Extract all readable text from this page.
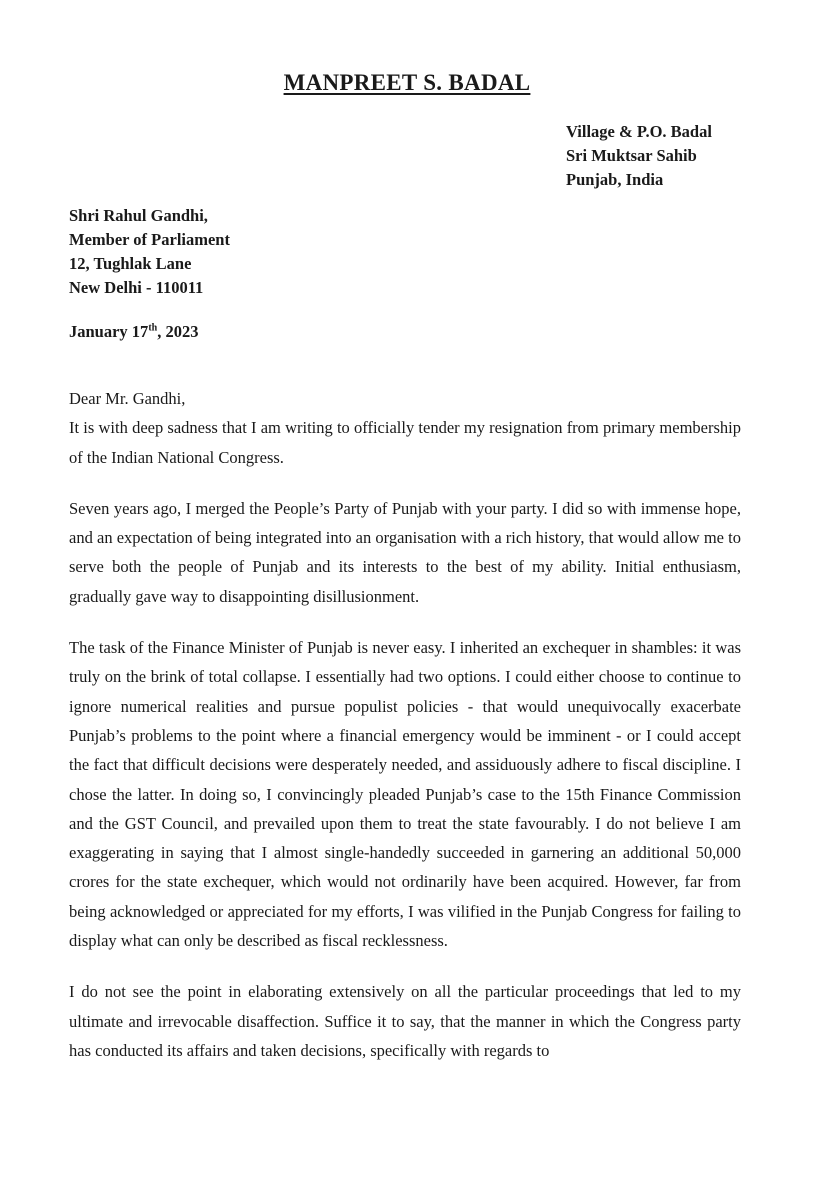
MANPREET S. BADAL
Village & P.O. Badal
Sri Muktsar Sahib
Punjab, India
Shri Rahul Gandhi,
Member of Parliament
12, Tughlak Lane
New Delhi - 110011
January 17th, 2023

Dear Mr. Gandhi,

It is with deep sadness that I am writing to officially tender my resignation from primary membership of the Indian National Congress.

Seven years ago, I merged the People’s Party of Punjab with your party. I did so with immense hope, and an expectation of being integrated into an organisation with a rich history, that would allow me to serve both the people of Punjab and its interests to the best of my ability. Initial enthusiasm, gradually gave way to disappointing disillusionment.

The task of the Finance Minister of Punjab is never easy. I inherited an exchequer in shambles: it was truly on the brink of total collapse. I essentially had two options. I could either choose to continue to ignore numerical realities and pursue populist policies - that would unequivocally exacerbate Punjab’s problems to the point where a financial emergency would be imminent - or I could accept the fact that difficult decisions were desperately needed, and assiduously adhere to fiscal discipline. I chose the latter. In doing so, I convincingly pleaded Punjab’s case to the 15th Finance Commission and the GST Council, and prevailed upon them to treat the state favourably. I do not believe I am exaggerating in saying that I almost single-handedly succeeded in garnering an additional 50,000 crores for the state exchequer, which would not ordinarily have been acquired. However, far from being acknowledged or appreciated for my efforts, I was vilified in the Punjab Congress for failing to display what can only be described as fiscal recklessness.

I do not see the point in elaborating extensively on all the particular proceedings that led to my ultimate and irrevocable disaffection. Suffice it to say, that the manner in which the Congress party has conducted its affairs and taken decisions, specifically with regards to
